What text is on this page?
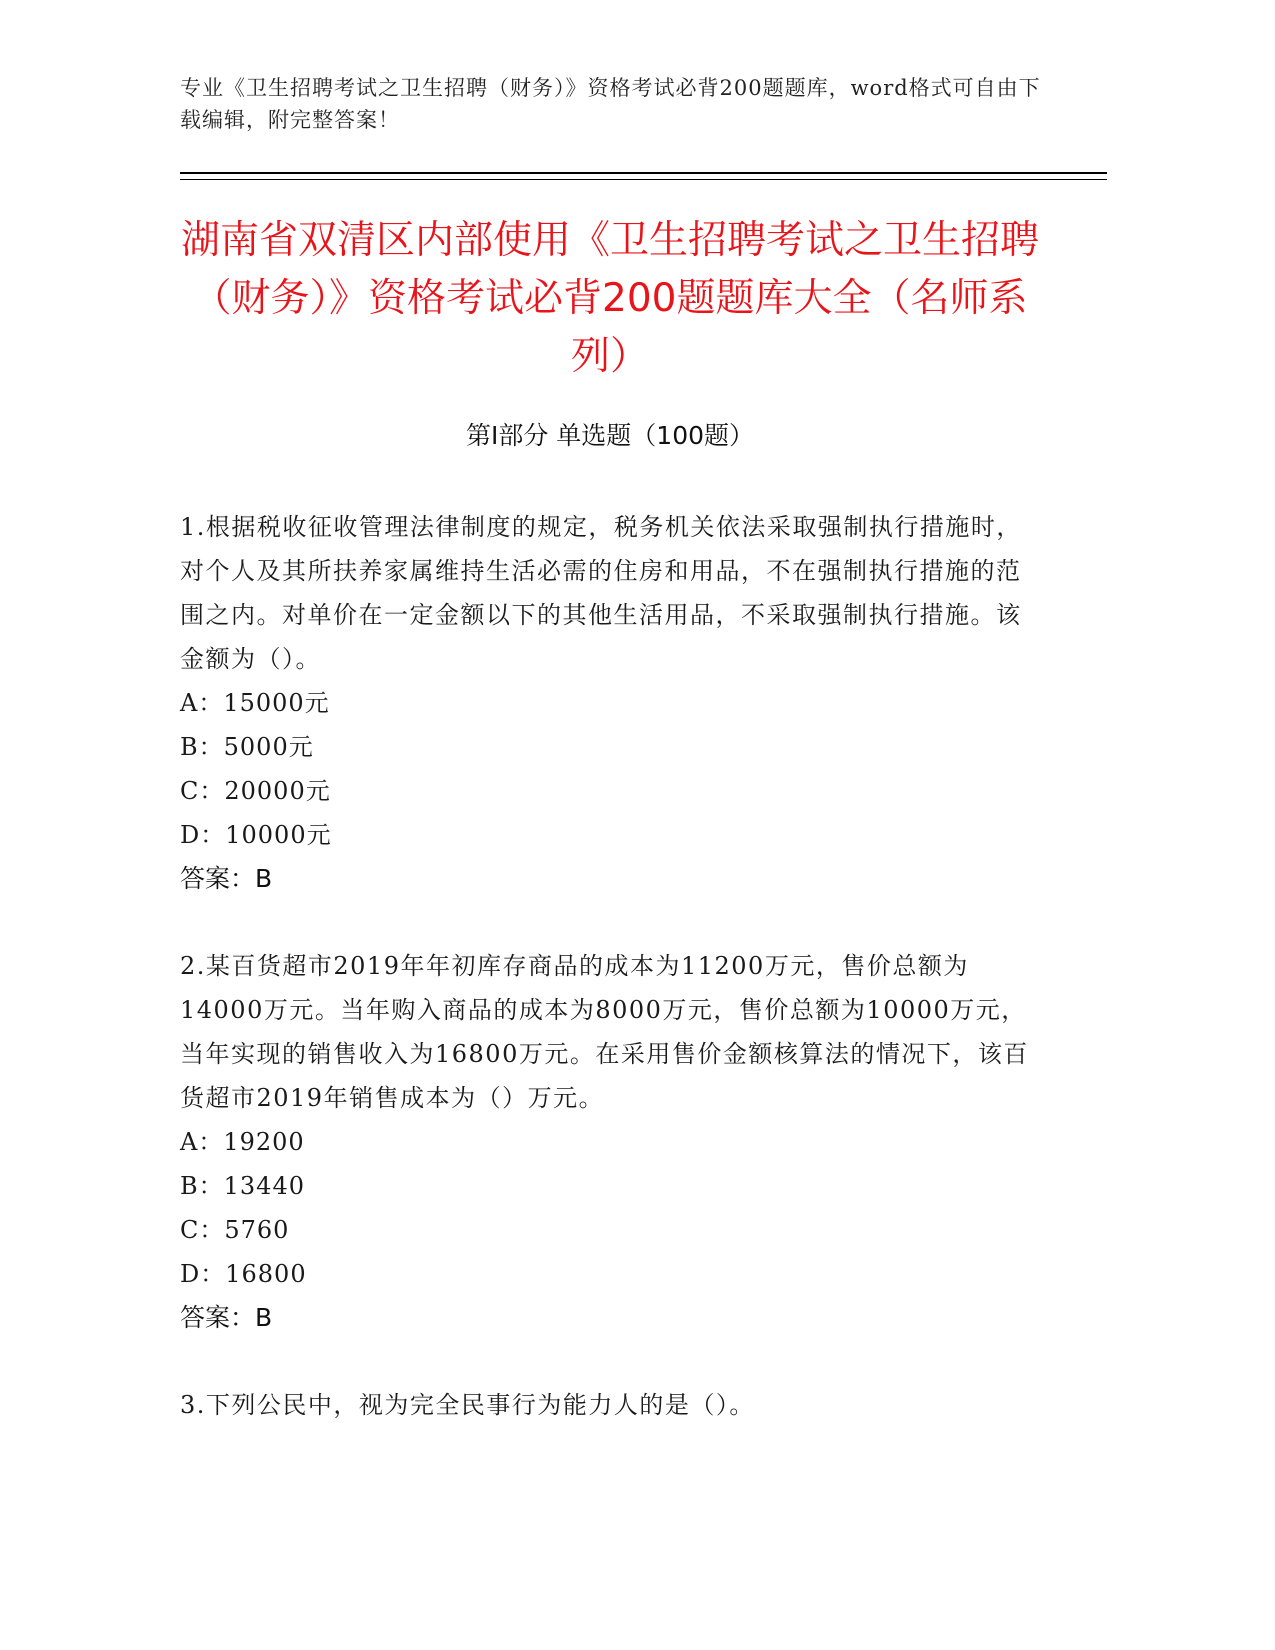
专业《卫生招聘考试之卫生招聘（财务）》资格考试必背200题题库，word格式可自由下载编辑，附完整答案！
湖南省双清区内部使用《卫生招聘考试之卫生招聘（财务）》资格考试必背200题题库大全（名师系列）
第I部分 单选题（100题）
1.根据税收征收管理法律制度的规定，税务机关依法采取强制执行措施时，对个人及其所扶养家属维持生活必需的住房和用品，不在强制执行措施的范围之内。对单价在一定金额以下的其他生活用品，不采取强制执行措施。该金额为（）。
A：15000元
B：5000元
C：20000元
D：10000元
答案：B
2.某百货超市2019年年初库存商品的成本为11200万元，售价总额为14000万元。当年购入商品的成本为8000万元，售价总额为10000万元，当年实现的销售收入为16800万元。在采用售价金额核算法的情况下，该百货超市2019年销售成本为（）万元。
A：19200
B：13440
C：5760
D：16800
答案：B
3.下列公民中，视为完全民事行为能力人的是（）。
